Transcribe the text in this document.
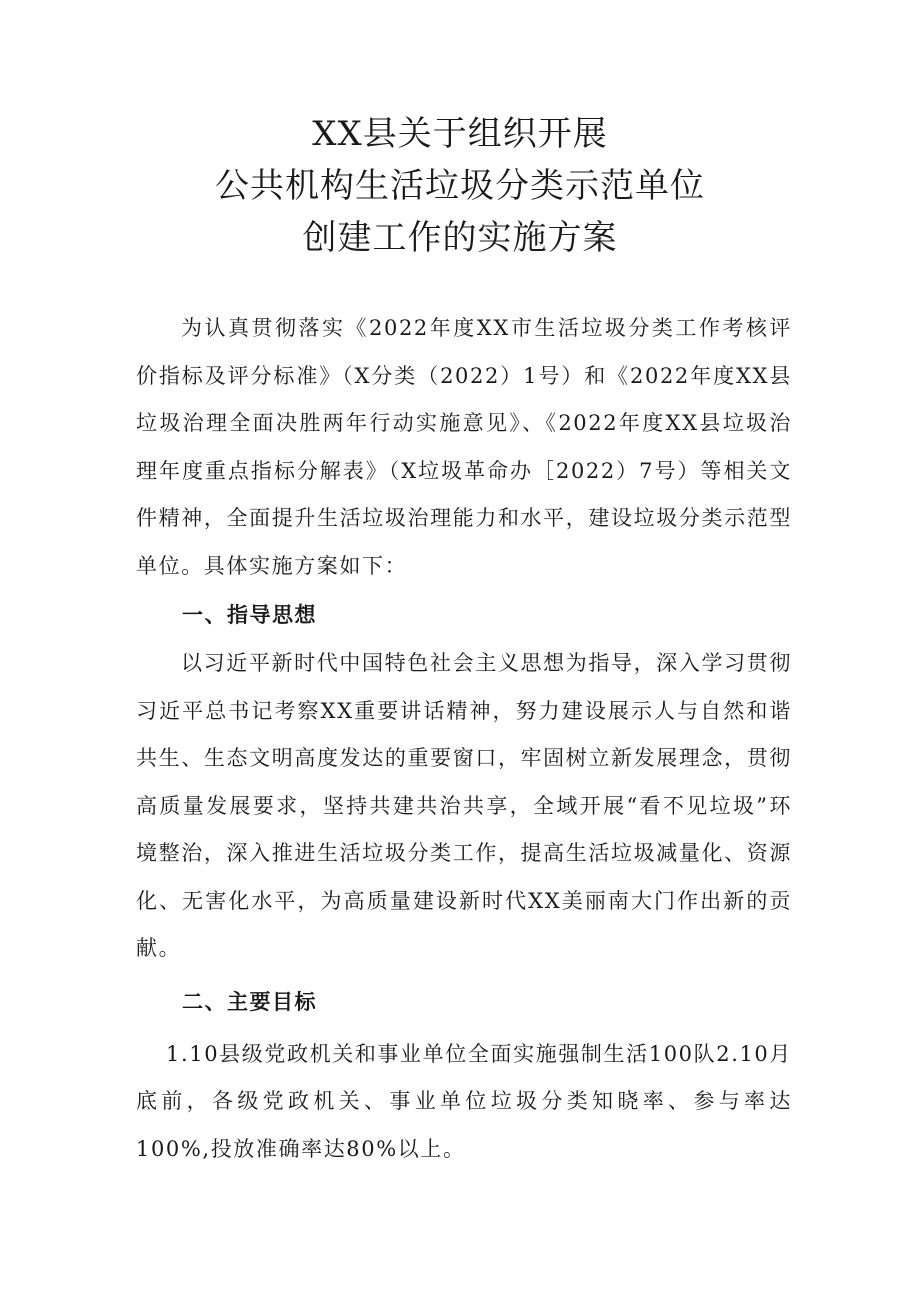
XX县关于组织开展
公共机构生活垃圾分类示范单位
创建工作的实施方案

为认真贯彻落实《2022年度XX市生活垃圾分类工作考核评价指标及评分标准》（X分类（2022）1号）和《2022年度XX县垃圾治理全面决胜两年行动实施意见》、《2022年度XX县垃圾治理年度重点指标分解表》（X垃圾革命办［2022）7号）等相关文件精神，全面提升生活垃圾治理能力和水平，建设垃圾分类示范型单位。具体实施方案如下：

一、指导思想

以习近平新时代中国特色社会主义思想为指导，深入学习贯彻习近平总书记考察XX重要讲话精神，努力建设展示人与自然和谐共生、生态文明高度发达的重要窗口，牢固树立新发展理念，贯彻高质量发展要求，坚持共建共治共享，全域开展“看不见垃圾”环境整治，深入推进生活垃圾分类工作，提高生活垃圾减量化、资源化、无害化水平，为高质量建设新时代XX美丽南大门作出新的贡献。

二、主要目标

1.10县级党政机关和事业单位全面实施强制生活100队2.10月底前，各级党政机关、事业单位垃圾分类知晓率、参与率达100%,投放准确率达80%以上。
